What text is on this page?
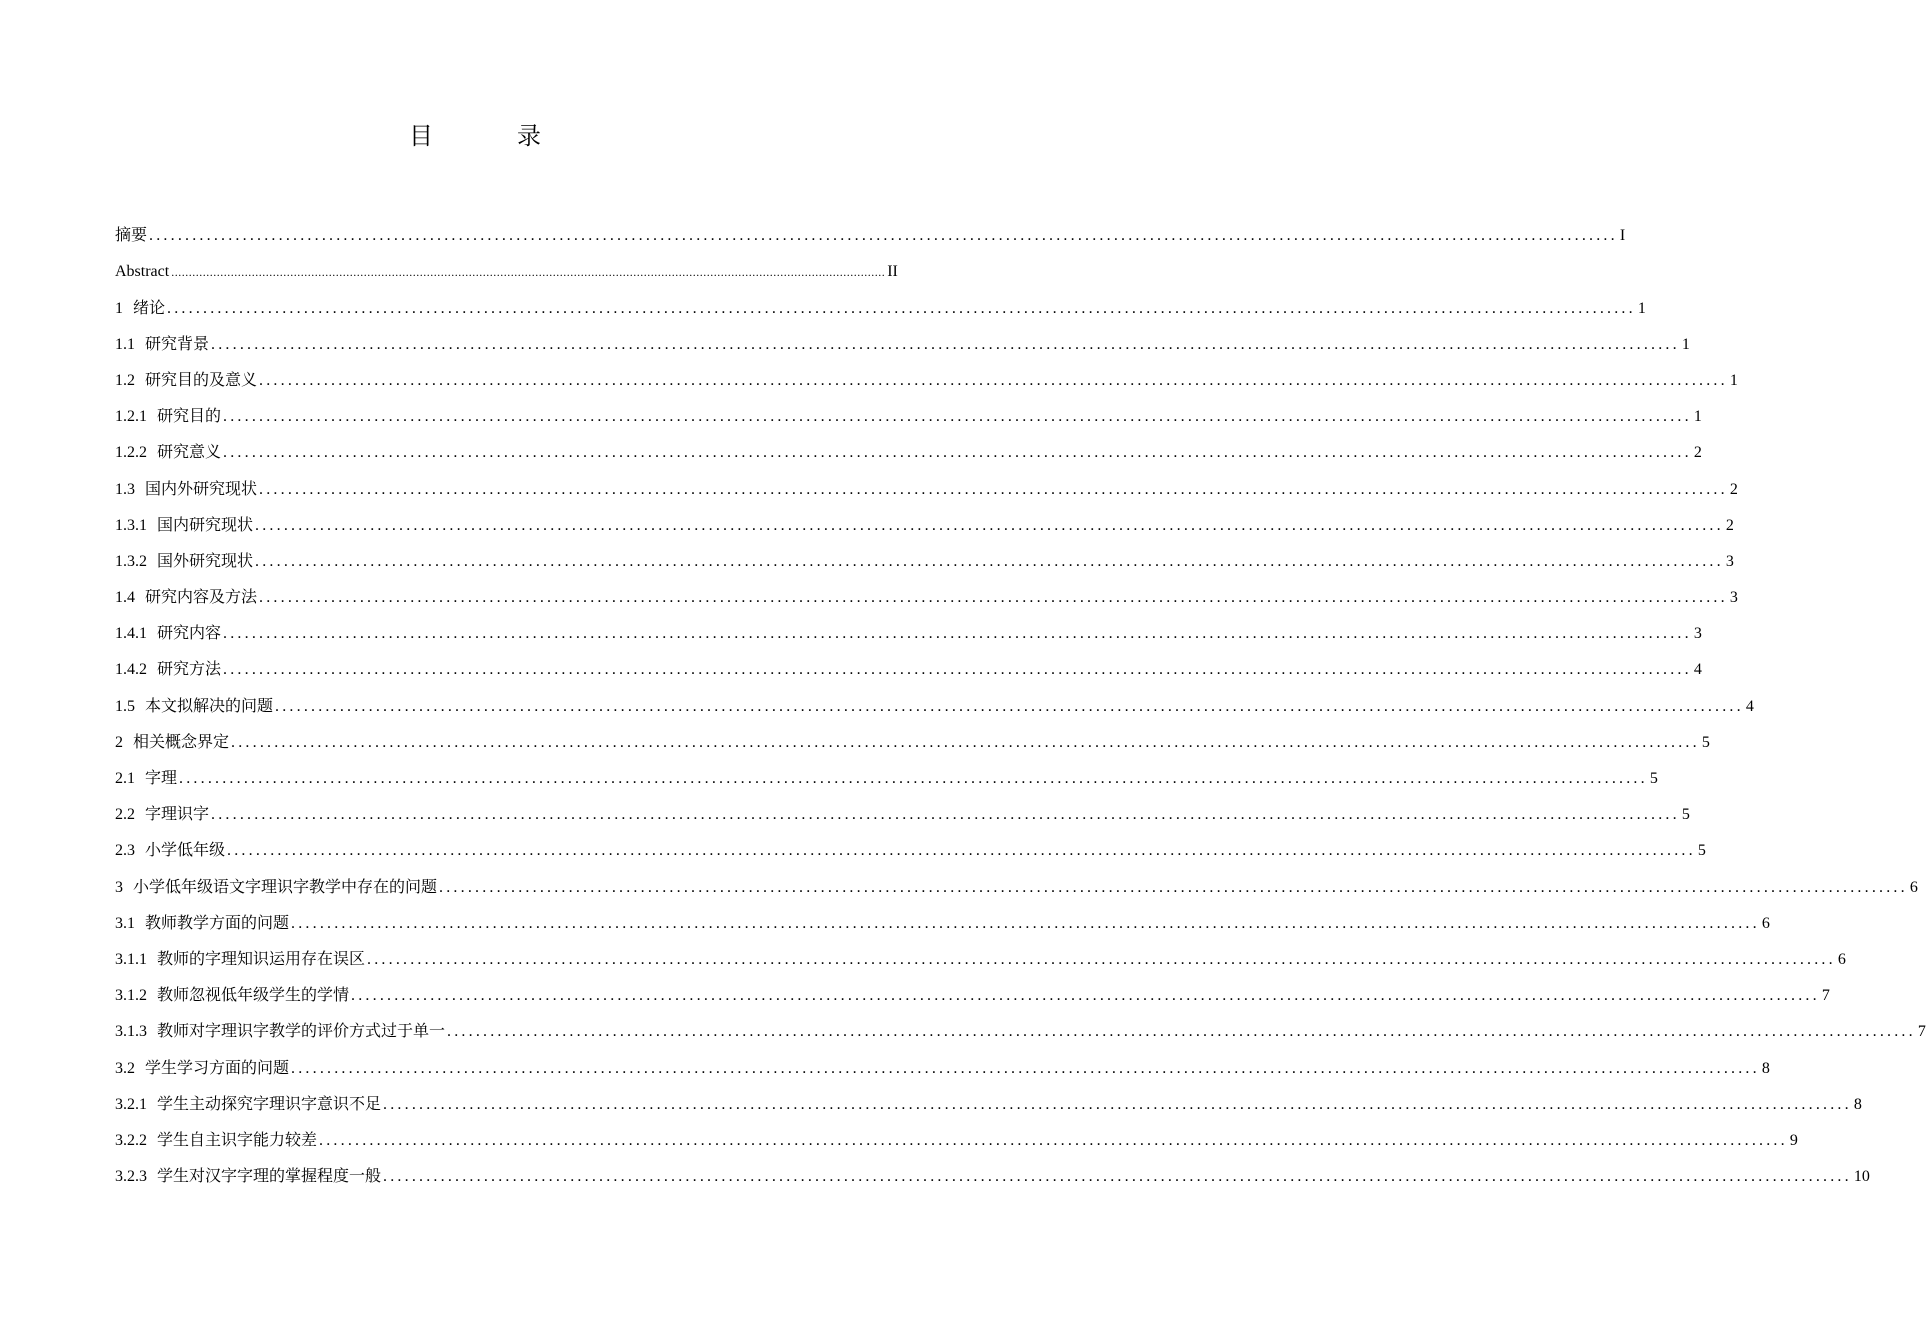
目　录
摘要 ............................................................................................................................................................................................................ I
Abstract ............................................................................................................................................................................................................ II
1 绪论 ............................................................................................................................................................................................................ 1
1.1 研究背景 ............................................................................................................................................................................................................ 1
1.2 研究目的及意义 ............................................................................................................................................................................................................ 1
1.2.1 研究目的 ............................................................................................................................................................................................................ 1
1.2.2 研究意义 ............................................................................................................................................................................................................ 2
1.3 国内外研究现状 ............................................................................................................................................................................................................ 2
1.3.1 国内研究现状 ............................................................................................................................................................................................................ 2
1.3.2 国外研究现状 ............................................................................................................................................................................................................ 3
1.4 研究内容及方法 ............................................................................................................................................................................................................ 3
1.4.1 研究内容 ............................................................................................................................................................................................................ 3
1.4.2 研究方法 ............................................................................................................................................................................................................ 4
1.5 本文拟解决的问题 ............................................................................................................................................................................................................ 4
2 相关概念界定 ............................................................................................................................................................................................................ 5
2.1 字理 ............................................................................................................................................................................................................ 5
2.2 字理识字 ............................................................................................................................................................................................................ 5
2.3 小学低年级 ............................................................................................................................................................................................................ 5
3 小学低年级语文字理识字教学中存在的问题 ............................................................................................................................................................................................................ 6
3.1 教师教学方面的问题 ............................................................................................................................................................................................................ 6
3.1.1 教师的字理知识运用存在误区 ............................................................................................................................................................................................................ 6
3.1.2 教师忽视低年级学生的学情 ............................................................................................................................................................................................................ 7
3.1.3 教师对字理识字教学的评价方式过于单一 ............................................................................................................................................................................................................ 7
3.2 学生学习方面的问题 ............................................................................................................................................................................................................ 8
3.2.1 学生主动探究字理识字意识不足 ............................................................................................................................................................................................................ 8
3.2.2 学生自主识字能力较差 ............................................................................................................................................................................................................ 9
3.2.3 学生对汉字字理的掌握程度一般 ............................................................................................................................................................................................................ 10
